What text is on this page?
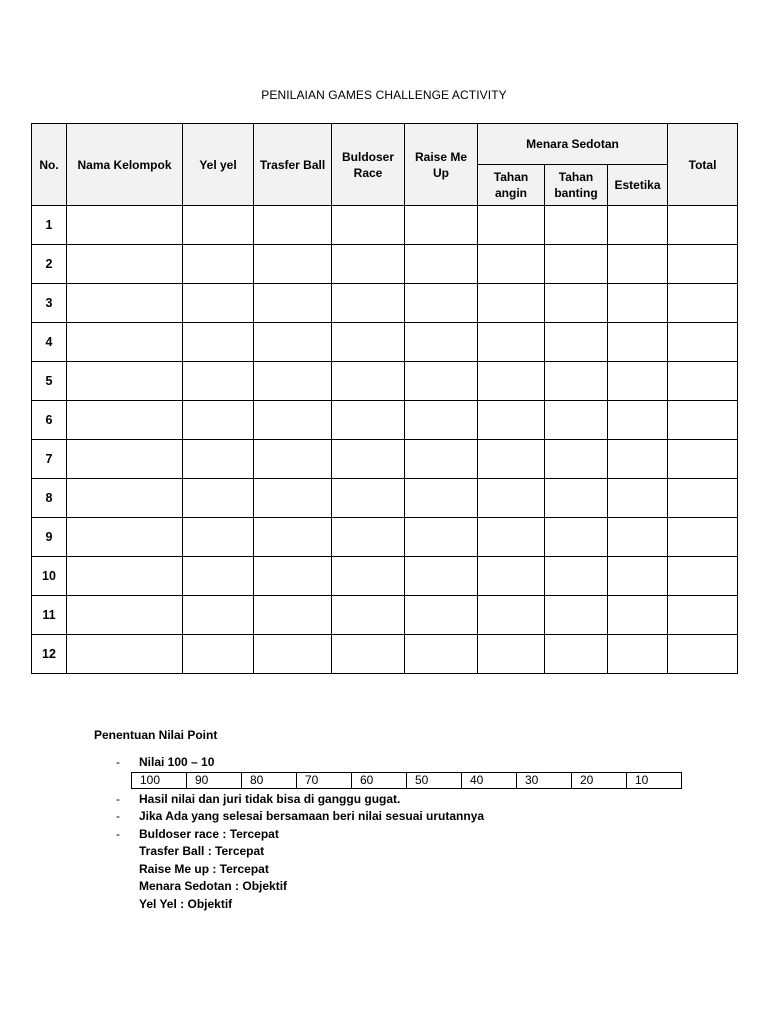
PENILAIAN GAMES CHALLENGE ACTIVITY
No.	Nama Kelompok	Yel yel	Trasfer Ball	Buldoser Race	Raise Me Up	Menara Sedotan			Total
						Tahan angin	Tahan banting	Estetika	
1									
2									
3									
4									
5									
6									
7									
8									
9									
10									
11									
12									
Penentuan Nilai Point
- Nilai 100 – 10
100	90	80	70	60	50	40	30	20	10
- Hasil nilai dan juri tidak bisa di ganggu gugat.
- Jika Ada yang selesai bersamaan beri nilai sesuai urutannya
- Buldoser race : Tercepat
Trasfer Ball : Tercepat
Raise Me up : Tercepat
Menara Sedotan : Objektif
Yel Yel : Objektif
